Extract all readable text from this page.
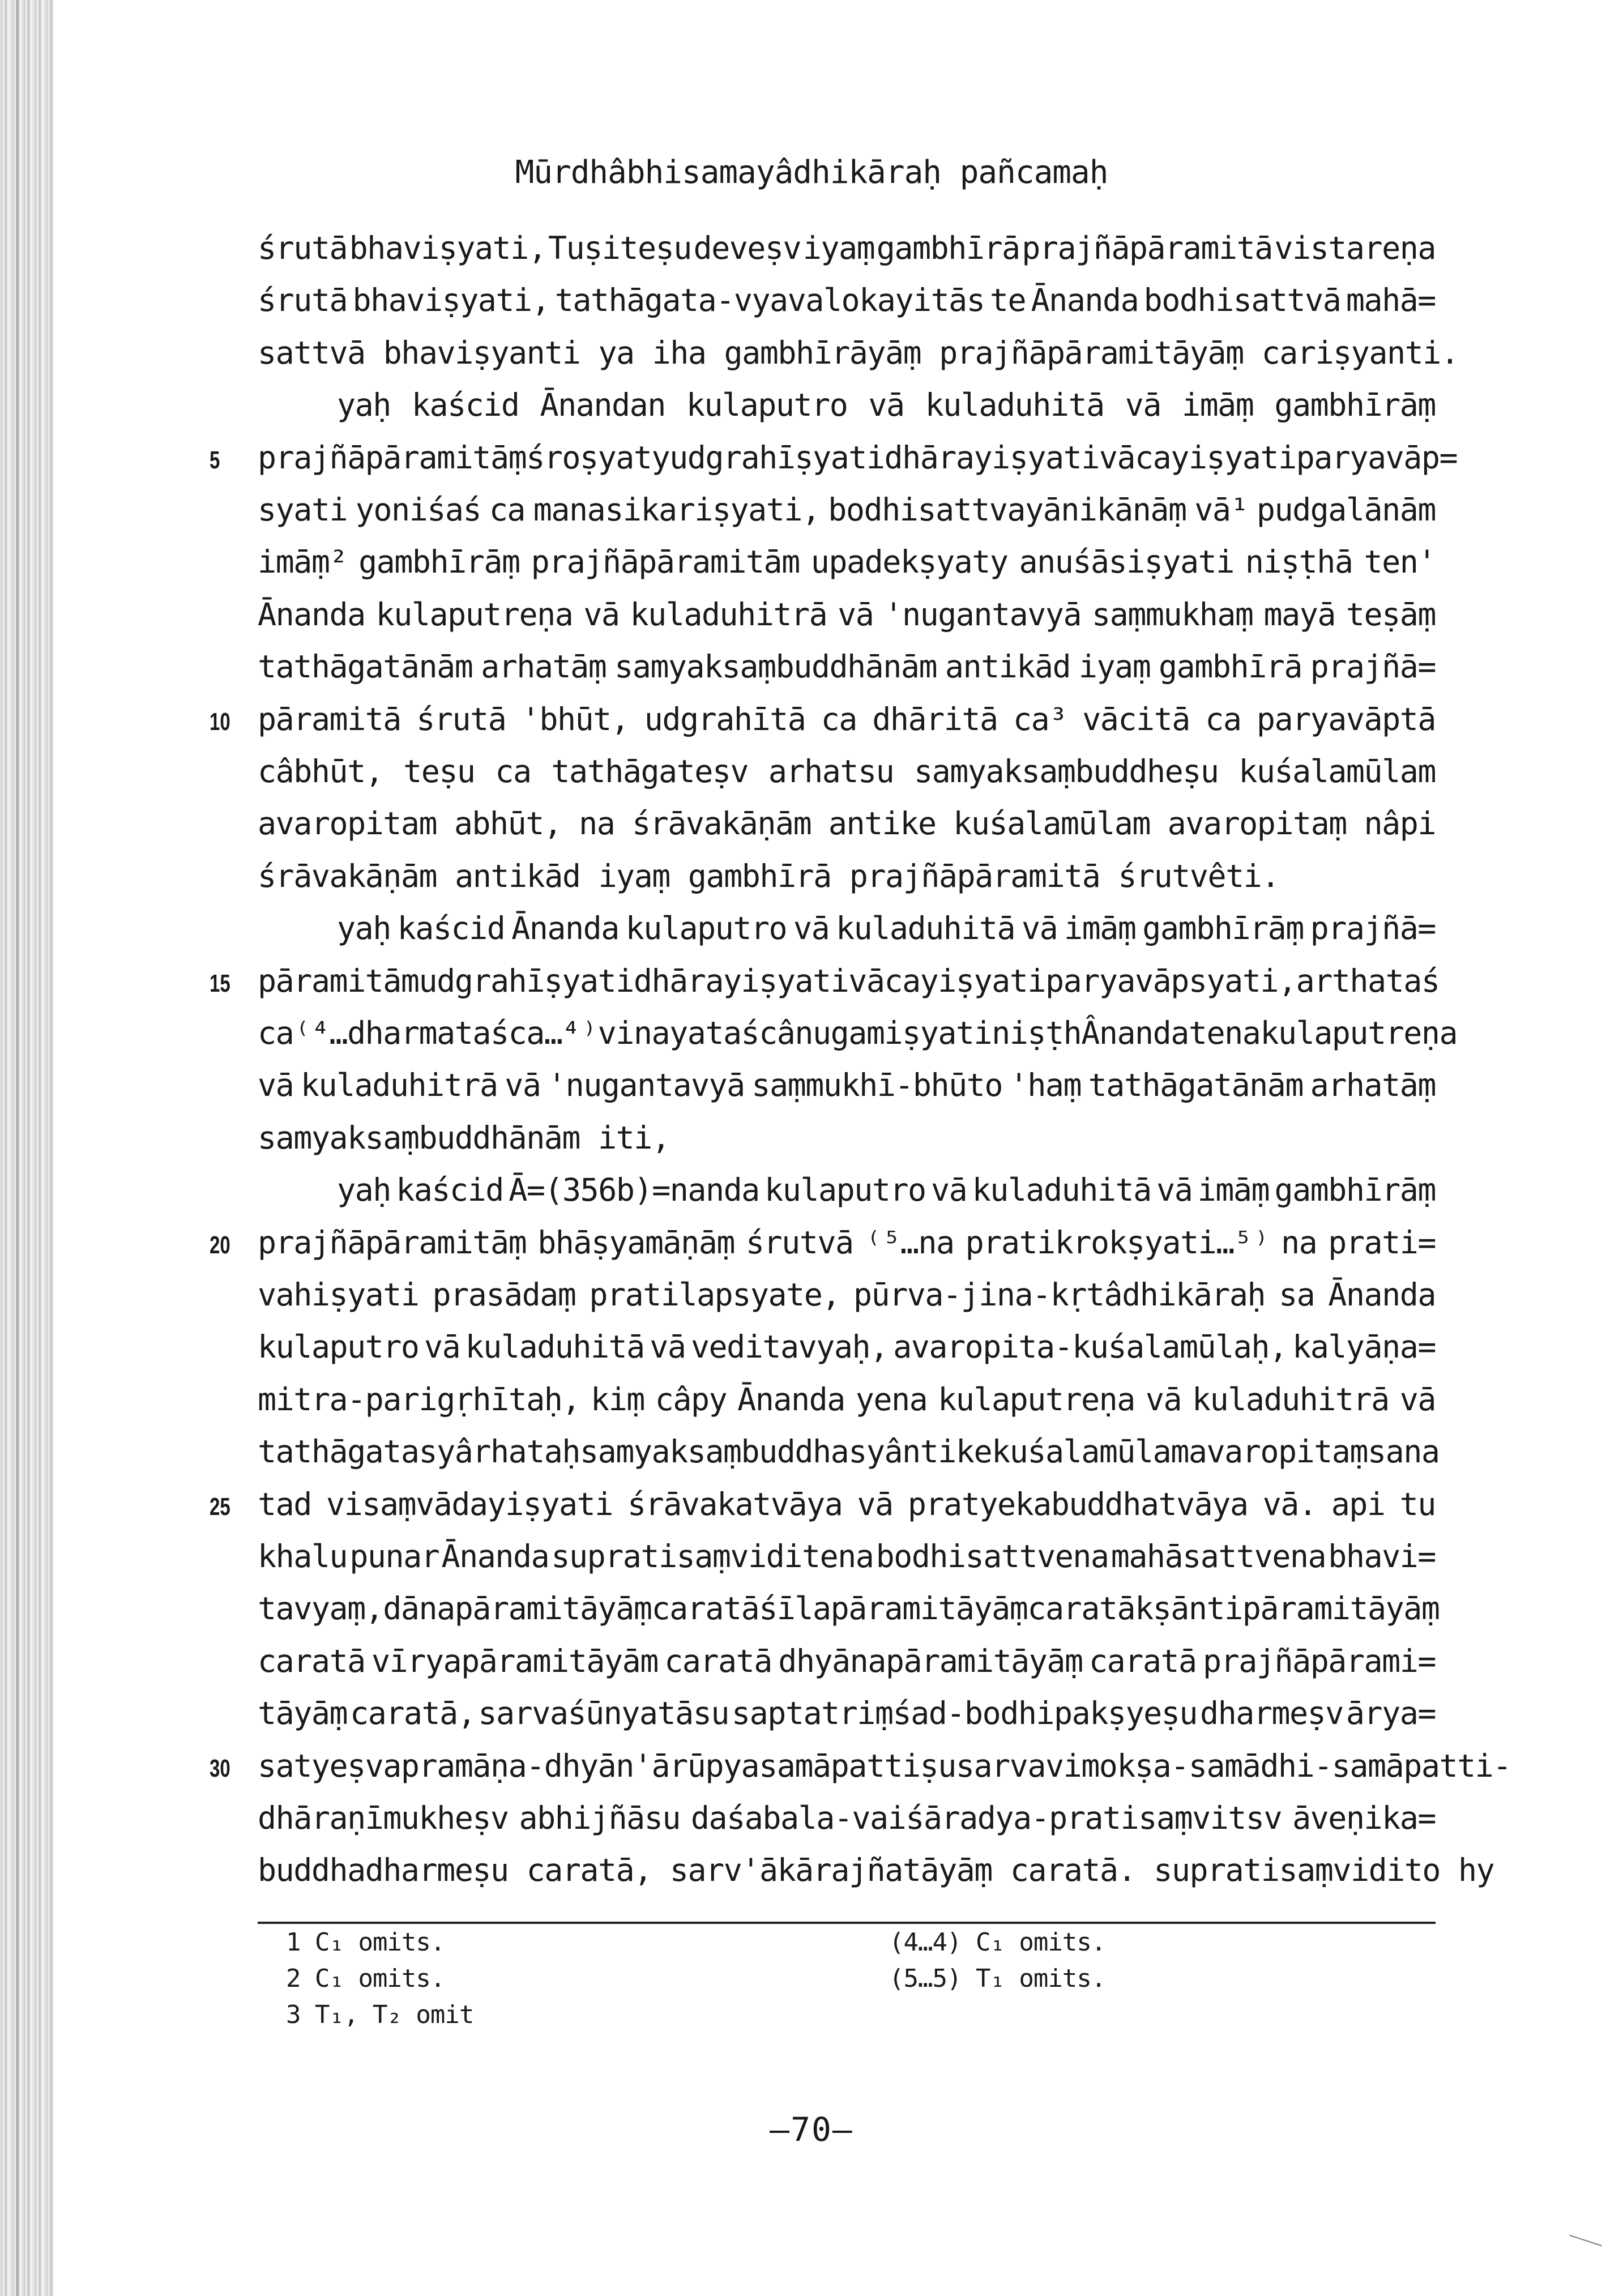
Mūrdhâbhisamayâdhikāraḥ pañcamaḥ
śrutā bhaviṣyati, Tuṣiteṣu deveṣv iyaṃ gambhīrā prajñāpāramitā vistareṇa
śrutā bhaviṣyati, tathāgata-vyavalokayitās te Ānanda bodhisattvā mahā=
sattvā bhaviṣyanti ya iha gambhīrāyāṃ prajñāpāramitāyāṃ cariṣyanti.
yaḥ kaścid Ānandan kulaputro vā kuladuhitā vā imāṃ gambhīrāṃ
prajñāpāramitāṃ śroṣyaty udgrahīṣyati dhārayiṣyati vācayiṣyati paryavāp=
5
syati yoniśaś ca manasikariṣyati, bodhisattvayānikānāṃ vā¹ pudgalānām
imāṃ² gambhīrāṃ prajñāpāramitām upadekṣyaty anuśāsiṣyati niṣṭhā ten'
Ānanda kulaputreṇa vā kuladuhitrā vā 'nugantavyā saṃmukhaṃ mayā teṣāṃ
tathāgatānām arhatāṃ samyaksaṃbuddhānām antikād iyaṃ gambhīrā prajñā=
pāramitā śrutā 'bhūt, udgrahītā ca dhāritā ca³ vācitā ca paryavāptā
10
câbhūt, teṣu ca tathāgateṣv arhatsu samyaksaṃbuddheṣu kuśalamūlam
avaropitam abhūt, na śrāvakāṇām antike kuśalamūlam avaropitaṃ nâpi
śrāvakāṇām antikād iyaṃ gambhīrā prajñāpāramitā śrutvêti.
yaḥ kaścid Ānanda kulaputro vā kuladuhitā vā imāṃ gambhīrāṃ prajñā=
pāramitām udgrahīṣyati dhārayiṣyati vācayiṣyati paryavāpsyati, arthataś
15
ca⁽⁴…dharmataś ca…⁴⁾vinayataś cânugamiṣyati niṣṭhÂnanda tena kulaputreṇa
vā kuladuhitrā vā 'nugantavyā saṃmukhī-bhūto 'haṃ tathāgatānām arhatāṃ
samyaksaṃbuddhānām iti,
yaḥ kaścid Ā=(356b)=nanda kulaputro vā kuladuhitā vā imāṃ gambhīrāṃ
prajñāpāramitāṃ bhāṣyamāṇāṃ śrutvā ⁽⁵…na pratikrokṣyati…⁵⁾ na prati=
20
vahiṣyati prasādaṃ pratilapsyate, pūrva-jina-kṛtâdhikāraḥ sa Ānanda
kulaputro vā kuladuhitā vā veditavyaḥ, avaropita-kuśalamūlaḥ, kalyāṇa=
mitra-parigṛhītaḥ, kiṃ câpy Ānanda yena kulaputreṇa vā kuladuhitrā vā
tathāgatasyârhataḥ samyaksaṃbuddhasyântike kuśalamūlam avaropitaṃ sa na
tad visaṃvādayiṣyati śrāvakatvāya vā pratyekabuddhatvāya vā. api tu
25
khalu punar Ānanda supratisaṃviditena bodhisattvena mahāsattvena bhavi=
tavyaṃ, dānapāramitāyāṃ caratā śīlapāramitāyāṃ caratā kṣāntipāramitāyāṃ
caratā vīryapāramitāyām caratā dhyānapāramitāyāṃ caratā prajñāpārami=
tāyāṃ caratā, sarvaśūnyatāsu saptatriṃśad-bodhipakṣyeṣu dharmeṣv ārya=
satyeṣv apramāṇa-dhyān'ārūpyasamāpattiṣu sarvavimokṣa-samādhi-samāpatti-
30
dhāraṇīmukheṣv abhijñāsu daśabala-vaiśāradya-pratisaṃvitsv āveṇika=
buddhadharmeṣu caratā, sarv'ākārajñatāyāṃ caratā. supratisaṃvidito hy
1 C₁ omits.
2 C₁ omits.
3 T₁, T₂ omit
(4…4) C₁ omits.
(5…5) T₁ omits.
—70—
